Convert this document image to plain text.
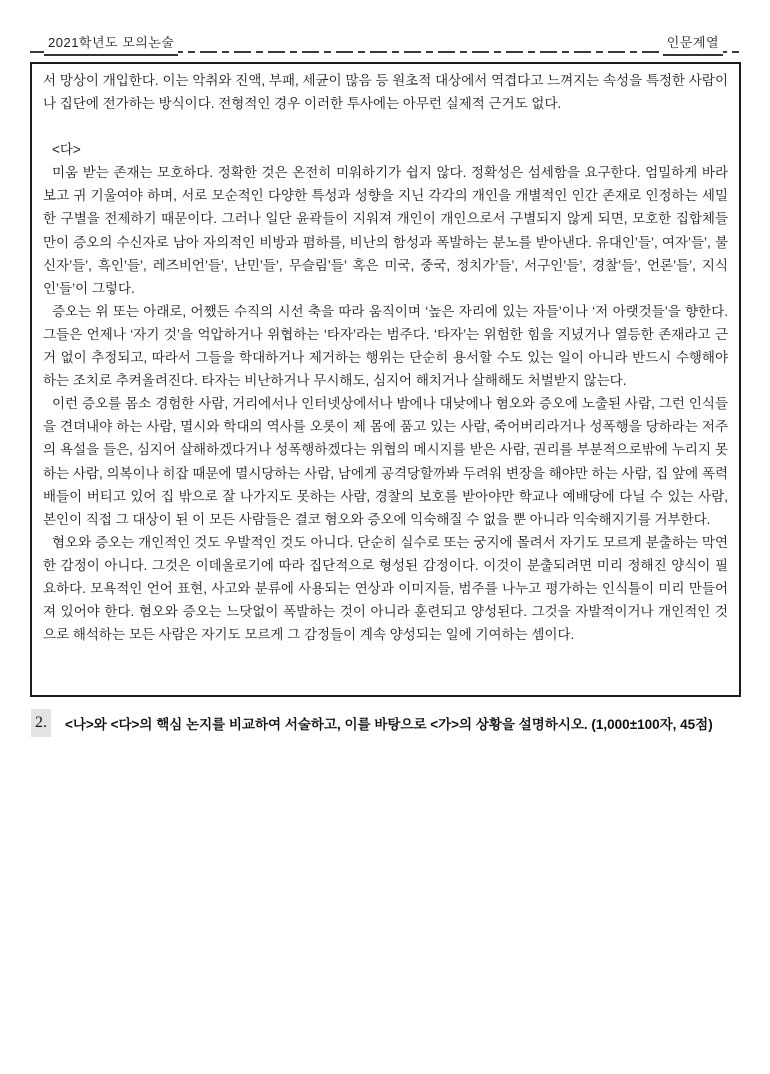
2021학년도 모의논술	인문계열

서 망상이 개입한다. 이는 악취와 진액, 부패, 세균이 많음 등 원초적 대상에서 역겹다고 느껴지는 속성을 특정한 사람이나 집단에 전가하는 방식이다. 전형적인 경우 이러한 투사에는 아무런 실제적 근거도 없다.

<다>

미움 받는 존재는 모호하다. 정확한 것은 온전히 미워하기가 쉽지 않다. 정확성은 섬세함을 요구한다. 엄밀하게 바라보고 귀 기울여야 하며, 서로 모순적인 다양한 특성과 성향을 지닌 각각의 개인을 개별적인 인간 존재로 인정하는 세밀한 구별을 전제하기 때문이다. 그러나 일단 윤곽들이 지워져 개인이 개인으로서 구별되지 않게 되면, 모호한 집합체들만이 증오의 수신자로 남아 자의적인 비방과 폄하를, 비난의 함성과 폭발하는 분노를 받아낸다. 유대인’들’, 여자’들’, 불신자’들’, 흑인’들’, 레즈비언’들’, 난민’들’, 무슬림’들’ 혹은 미국, 중국, 정치가’들’, 서구인’들’, 경찰’들’, 언론’들’, 지식인’들’이 그렇다.

증오는 위 또는 아래로, 어쨌든 수직의 시선 축을 따라 움직이며 ‘높은 자리에 있는 자들’이나 ‘저 아랫것들’을 향한다. 그들은 언제나 ‘자기 것’을 억압하거나 위협하는 ‘타자’라는 범주다. ‘타자’는 위험한 힘을 지녔거나 열등한 존재라고 근거 없이 추정되고, 따라서 그들을 학대하거나 제거하는 행위는 단순히 용서할 수도 있는 일이 아니라 반드시 수행해야 하는 조치로 추켜올려진다. 타자는 비난하거나 무시해도, 심지어 해치거나 살해해도 처벌받지 않는다.

이런 증오를 몸소 경험한 사람, 거리에서나 인터넷상에서나 밤에나 대낮에나 혐오와 증오에 노출된 사람, 그런 인식들을 견뎌내야 하는 사람, 멸시와 학대의 역사를 오롯이 제 몸에 품고 있는 사람, 죽어버리라거나 성폭행을 당하라는 저주의 욕설을 들은, 심지어 살해하겠다거나 성폭행하겠다는 위협의 메시지를 받은 사람, 권리를 부분적으로밖에 누리지 못하는 사람, 의복이나 히잡 때문에 멸시당하는 사람, 남에게 공격당할까봐 두려워 변장을 해야만 하는 사람, 집 앞에 폭력배들이 버티고 있어 집 밖으로 잘 나가지도 못하는 사람, 경찰의 보호를 받아야만 학교나 예배당에 다닐 수 있는 사람, 본인이 직접 그 대상이 된 이 모든 사람들은 결코 혐오와 증오에 익숙해질 수 없을 뿐 아니라 익숙해지기를 거부한다.

혐오와 증오는 개인적인 것도 우발적인 것도 아니다. 단순히 실수로 또는 궁지에 몰려서 자기도 모르게 분출하는 막연한 감정이 아니다. 그것은 이데올로기에 따라 집단적으로 형성된 감정이다. 이것이 분출되려면 미리 정해진 양식이 필요하다. 모욕적인 언어 표현, 사고와 분류에 사용되는 연상과 이미지들, 범주를 나누고 평가하는 인식틀이 미리 만들어져 있어야 한다. 혐오와 증오는 느닷없이 폭발하는 것이 아니라 훈련되고 양성된다. 그것을 자발적이거나 개인적인 것으로 해석하는 모든 사람은 자기도 모르게 그 감정들이 계속 양성되는 일에 기여하는 셈이다.

2.	<나>와 <다>의 핵심 논지를 비교하여 서술하고, 이를 바탕으로 <가>의 상황을 설명하시오. (1,000±100자, 45점)
